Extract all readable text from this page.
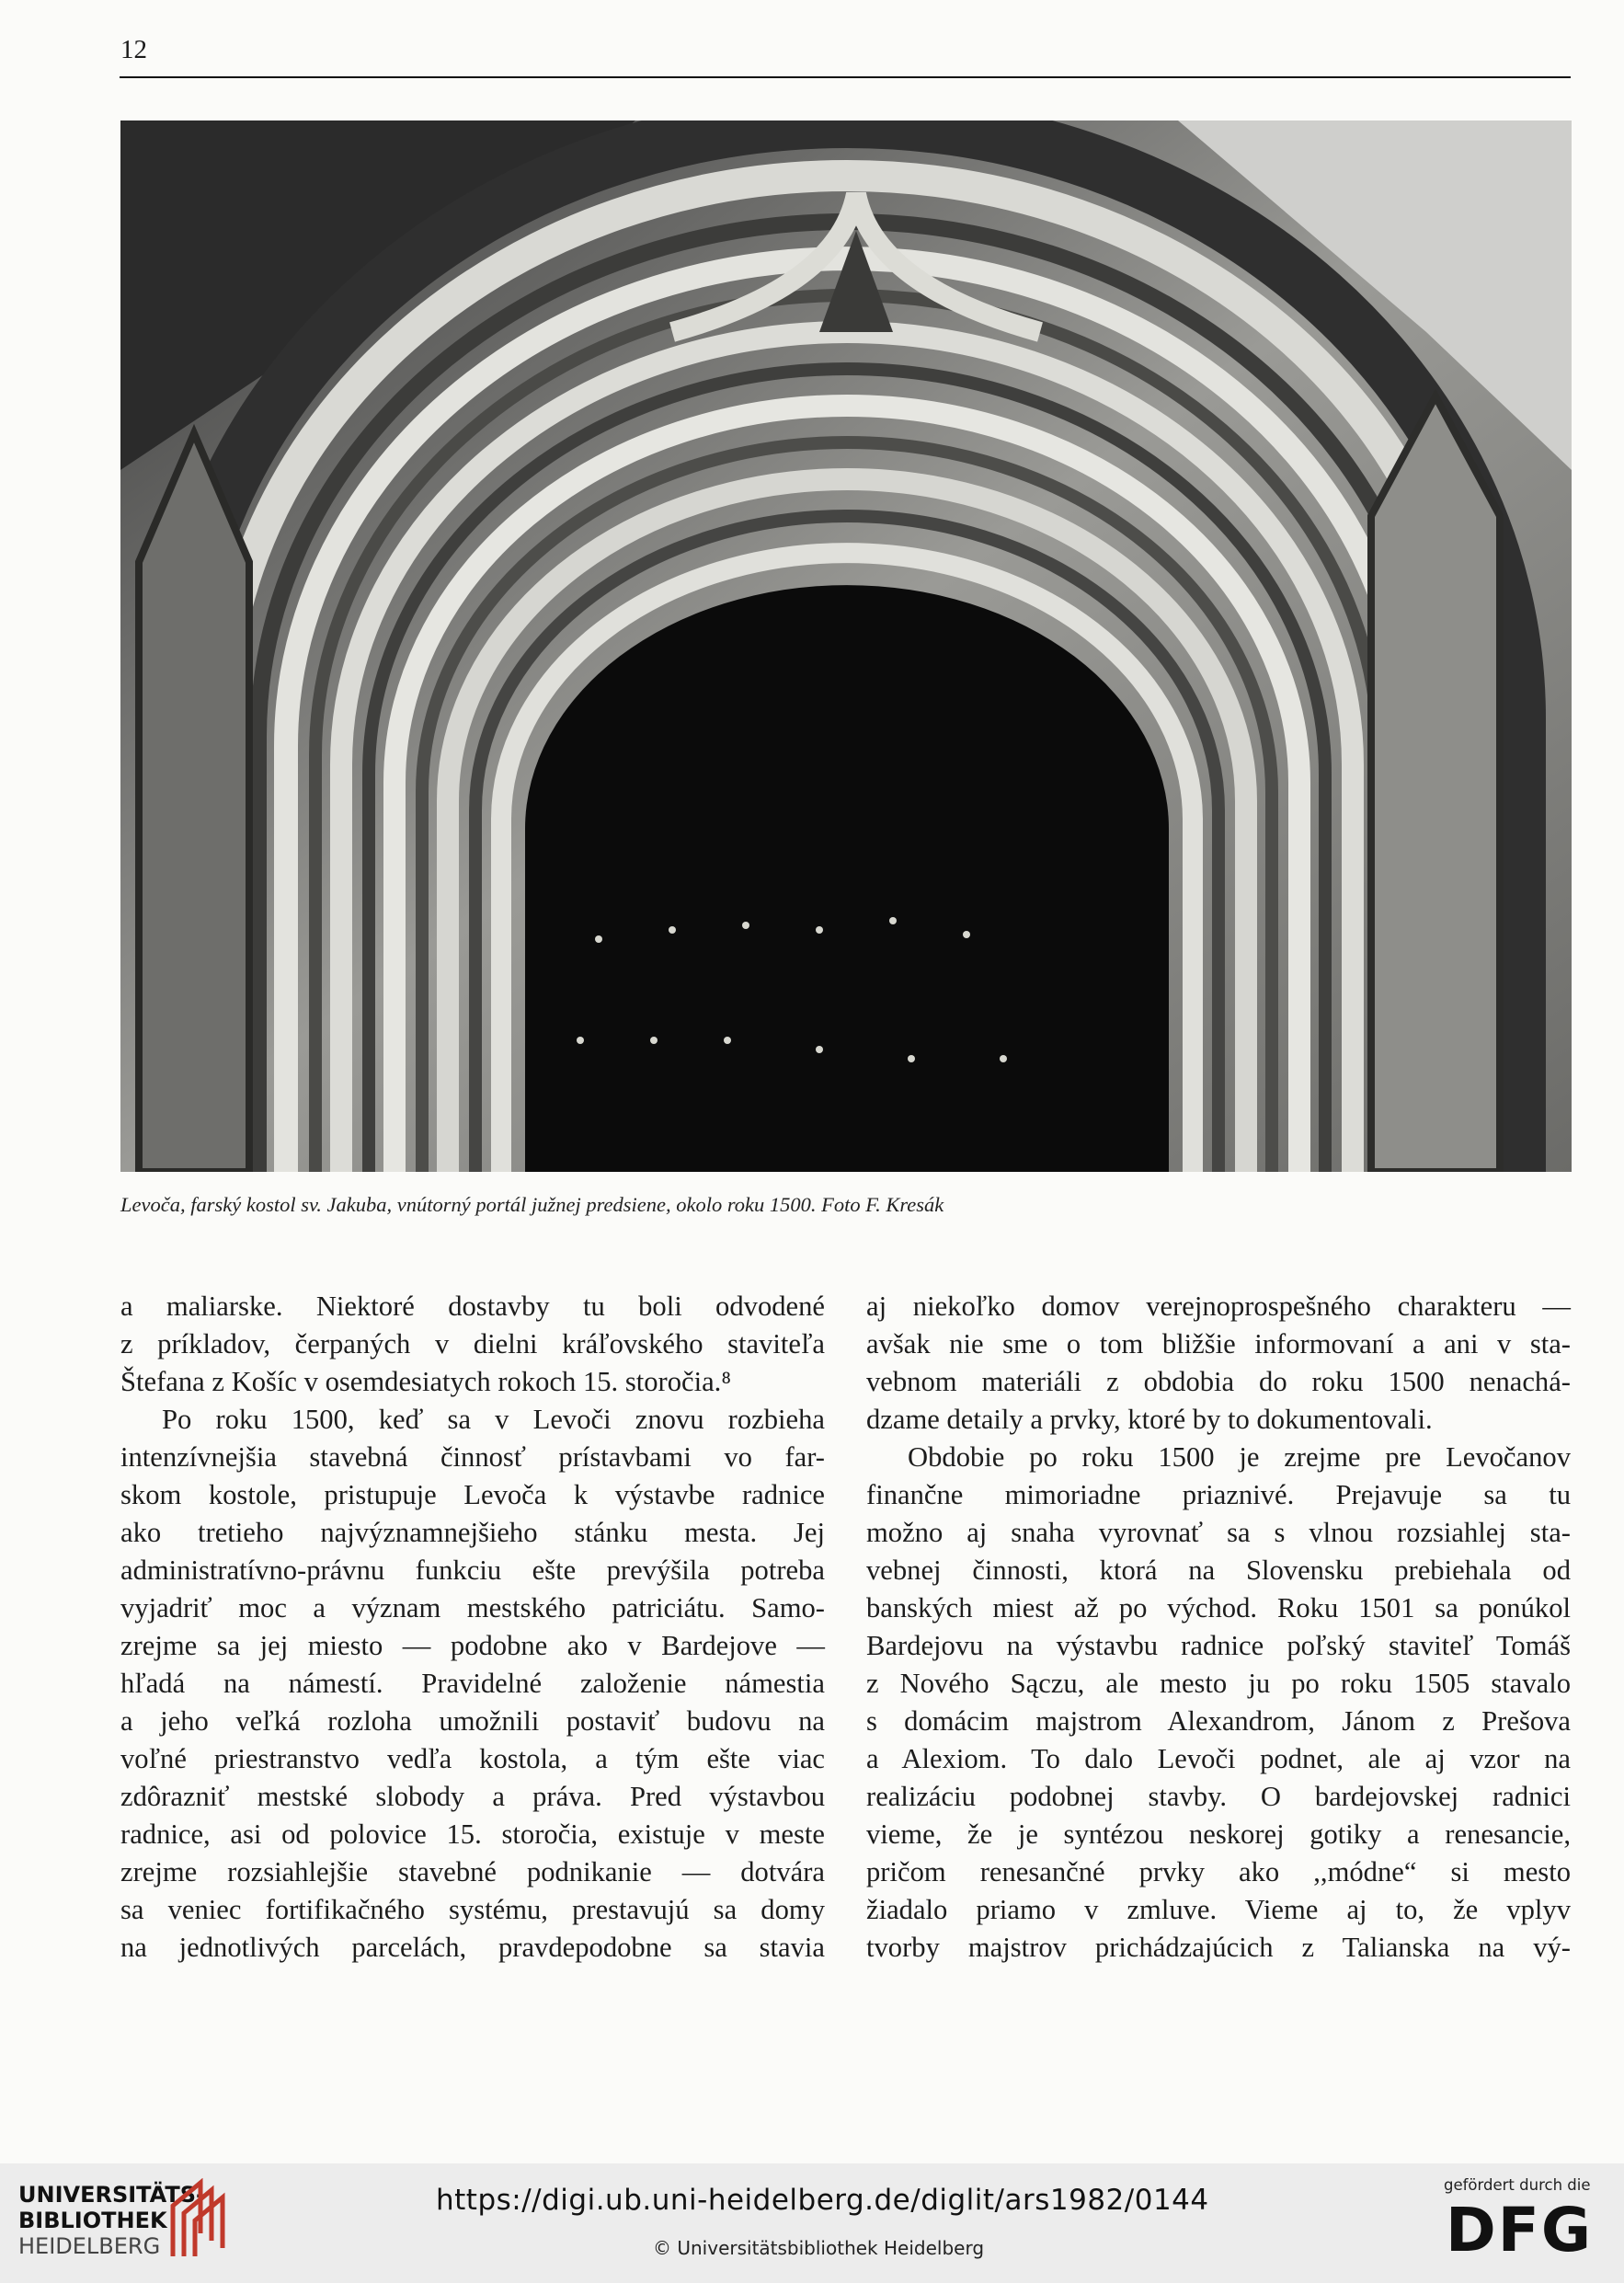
12
Levoča, farský kostol sv. Jakuba, vnútorný portál južnej predsiene, okolo roku 1500. Foto F. Kresák
a maliarske. Niektoré dostavby tu boli odvodené
z príkladov, čerpaných v dielni kráľovského staviteľa
Štefana z Košíc v osemdesiatych rokoch 15. storočia.⁸
Po roku 1500, keď sa v Levoči znovu rozbieha
intenzívnejšia stavebná činnosť prístavbami vo far-
skom kostole, pristupuje Levoča k výstavbe radnice
ako tretieho najvýznamnejšieho stánku mesta. Jej
administratívno-právnu funkciu ešte prevýšila potreba
vyjadriť moc a význam mestského patriciátu. Samo-
zrejme sa jej miesto — podobne ako v Bardejove —
hľadá na námestí. Pravidelné založenie námestia
a jeho veľká rozloha umožnili postaviť budovu na
voľné priestranstvo vedľa kostola, a tým ešte viac
zdôrazniť mestské slobody a práva. Pred výstavbou
radnice, asi od polovice 15. storočia, existuje v meste
zrejme rozsiahlejšie stavebné podnikanie — dotvára
sa veniec fortifikačného systému, prestavujú sa domy
na jednotlivých parcelách, pravdepodobne sa stavia
aj niekoľko domov verejnoprospešného charakteru —
avšak nie sme o tom bližšie informovaní a ani v sta-
vebnom materiáli z obdobia do roku 1500 nenachá-
dzame detaily a prvky, ktoré by to dokumentovali.
Obdobie po roku 1500 je zrejme pre Levočanov
finančne mimoriadne priaznivé. Prejavuje sa tu
možno aj snaha vyrovnať sa s vlnou rozsiahlej sta-
vebnej činnosti, ktorá na Slovensku prebiehala od
banských miest až po východ. Roku 1501 sa ponúkol
Bardejovu na výstavbu radnice poľský staviteľ Tomáš
z Nového Sączu, ale mesto ju po roku 1505 stavalo
s domácim majstrom Alexandrom, Jánom z Prešova
a Alexiom. To dalo Levoči podnet, ale aj vzor na
realizáciu podobnej stavby. O bardejovskej radnici
vieme, že je syntézou neskorej gotiky a renesancie,
pričom renesančné prvky ako ,,módne“ si mesto
žiadalo priamo v zmluve. Vieme aj to, že vplyv
tvorby majstrov prichádzajúcich z Talianska na vý-
UNIVERSITÄTS-
BIBLIOTHEK
HEIDELBERG
https://digi.ub.uni-heidelberg.de/diglit/ars1982/0144
© Universitätsbibliothek Heidelberg
gefördert durch die
DFG
